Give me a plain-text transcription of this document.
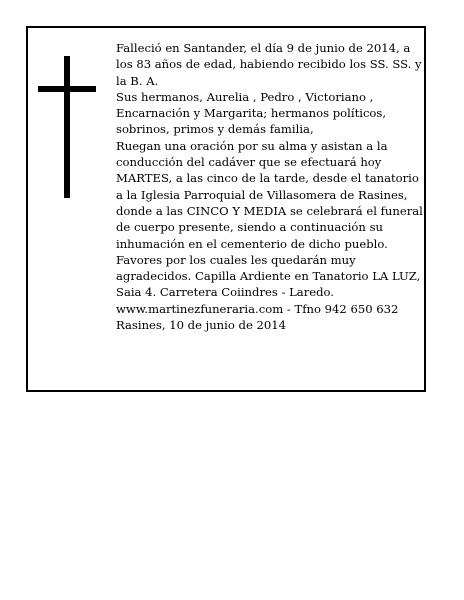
Falleció en Santander, el día 9 de junio de 2014, a los 83 años de edad, habiendo recibido los SS. SS. y la B. A.

Sus hermanos, Aurelia , Pedro , Victoriano , Encarnación y Margarita; hermanos políticos, sobrinos, primos y demás familia,

Ruegan una oración por su alma y asistan a la conducción del cadáver que se efectuará hoy MARTES, a las cinco de la tarde, desde el tanatorio a la Iglesia Parroquial de Villasomera de Rasines, donde a las CINCO Y MEDIA se celebrará el funeral de cuerpo presente, siendo a continuación su inhumación en el cementerio de dicho pueblo. Favores por los cuales les quedarán muy agradecidos. Capilla Ardiente en Tanatorio LA LUZ, Saia 4. Carretera Coiindres - Laredo.

www.martinezfuneraria.com - Tfno 942 650 632

Rasines, 10 de junio de 2014
